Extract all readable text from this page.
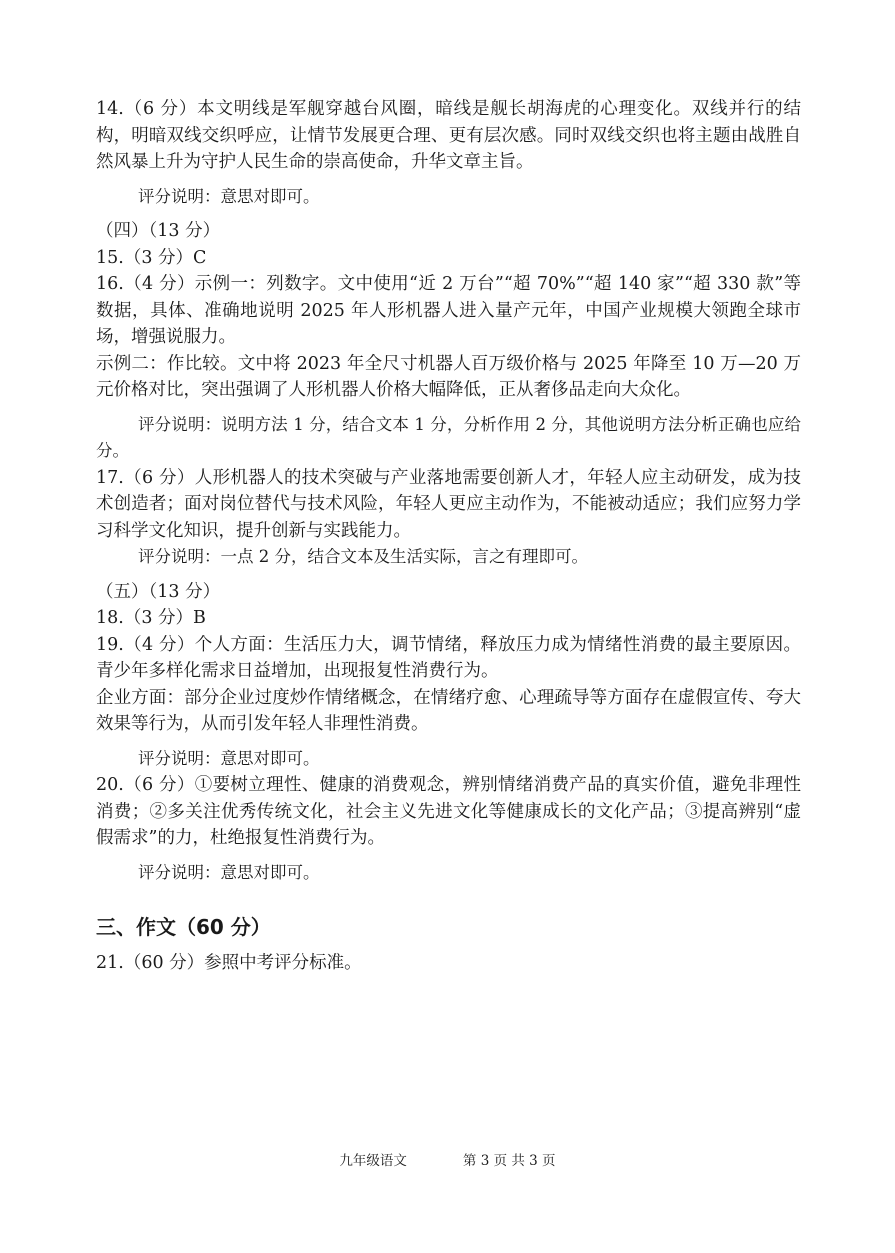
14.（6 分）本文明线是军舰穿越台风圈，暗线是舰长胡海虎的心理变化。双线并行的结构，明暗双线交织呼应，让情节发展更合理、更有层次感。同时双线交织也将主题由战胜自然风暴上升为守护人民生命的崇高使命，升华文章主旨。

评分说明：意思对即可。

（四）（13 分）

15.（3 分）C

16.（4 分）示例一：列数字。文中使用“近 2 万台”“超 70%”“超 140 家”“超 330 款”等数据，具体、准确地说明 2025 年人形机器人进入量产元年，中国产业规模大领跑全球市场，增强说服力。

示例二：作比较。文中将 2023 年全尺寸机器人百万级价格与 2025 年降至 10 万—20 万元价格对比，突出强调了人形机器人价格大幅降低，正从奢侈品走向大众化。

评分说明：说明方法 1 分，结合文本 1 分，分析作用 2 分，其他说明方法分析正确也应给分。

17.（6 分）人形机器人的技术突破与产业落地需要创新人才，年轻人应主动研发，成为技术创造者；面对岗位替代与技术风险，年轻人更应主动作为，不能被动适应；我们应努力学习科学文化知识，提升创新与实践能力。

评分说明：一点 2 分，结合文本及生活实际，言之有理即可。

（五）（13 分）

18.（3 分）B

19.（4 分）个人方面：生活压力大，调节情绪，释放压力成为情绪性消费的最主要原因。青少年多样化需求日益增加，出现报复性消费行为。

企业方面：部分企业过度炒作情绪概念，在情绪疗愈、心理疏导等方面存在虚假宣传、夸大效果等行为，从而引发年轻人非理性消费。

评分说明：意思对即可。

20.（6 分）①要树立理性、健康的消费观念，辨别情绪消费产品的真实价值，避免非理性消费；②多关注优秀传统文化，社会主义先进文化等健康成长的文化产品；③提高辨别“虚假需求”的力，杜绝报复性消费行为。

评分说明：意思对即可。

三、作文（60 分）

21.（60 分）参照中考评分标准。

九年级语文	第 3 页 共 3 页
